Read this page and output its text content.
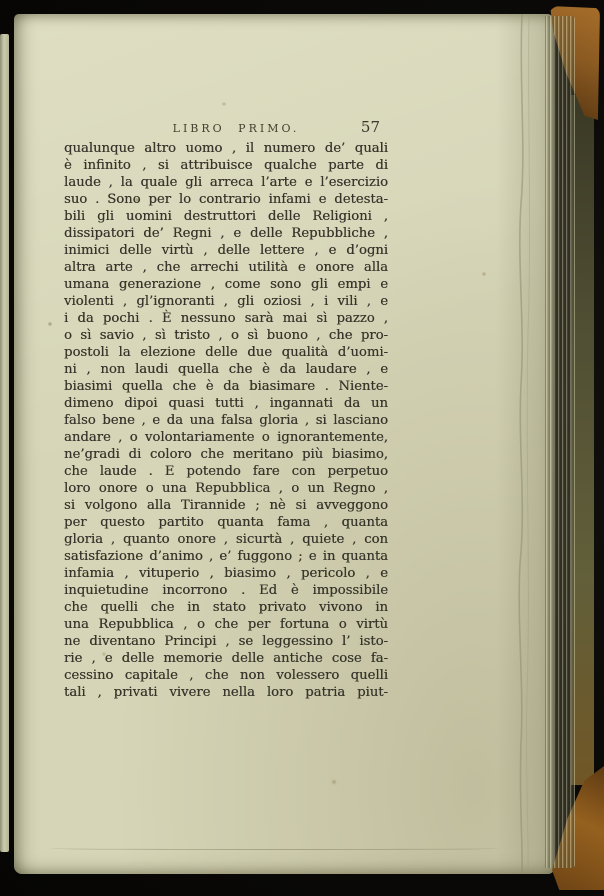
LIBRO PRIMO.	57
qualunque altro uomo , il numero de’ quali
è infinito , si attribuisce qualche parte di
laude , la quale gli arreca l’arte e l’esercizio
suo . Sono per lo contrario infami e detesta-
bili gli uomini destruttori delle Religioni ,
dissipatori de’ Regni , e delle Repubbliche ,
inimici delle virtù , delle lettere , e d’ogni
altra arte , che arrechi utilità e onore alla
umana generazione , come sono gli empi e
violenti , gl’ignoranti , gli oziosi , i vili , e
i da pochi . È nessuno sarà mai sì pazzo ,
o sì savio , sì tristo , o sì buono , che pro-
postoli la elezione delle due qualità d’uomi-
ni , non laudi quella che è da laudare , e
biasimi quella che è da biasimare . Niente-
dimeno dipoi quasi tutti , ingannati da un
falso bene , e da una falsa gloria , si lasciano
andare , o volontariamente o ignorantemente,
ne’gradi di coloro che meritano più biasimo,
che laude . E potendo fare con perpetuo
loro onore o una Repubblica , o un Regno ,
si volgono alla Tirannide ; nè si avveggono
per questo partito quanta fama , quanta
gloria , quanto onore , sicurtà , quiete , con
satisfazione d’animo , e’ fuggono ; e in quanta
infamia , vituperio , biasimo , pericolo , e
inquietudine incorrono . Ed è impossibile
che quelli che in stato privato vivono in
una Repubblica , o che per fortuna o virtù
ne diventano Principi , se leggessino l’ isto-
rie , e delle memorie delle antiche cose fa-
cessino capitale , che non volessero quelli
tali , privati vivere nella loro patria piut-
